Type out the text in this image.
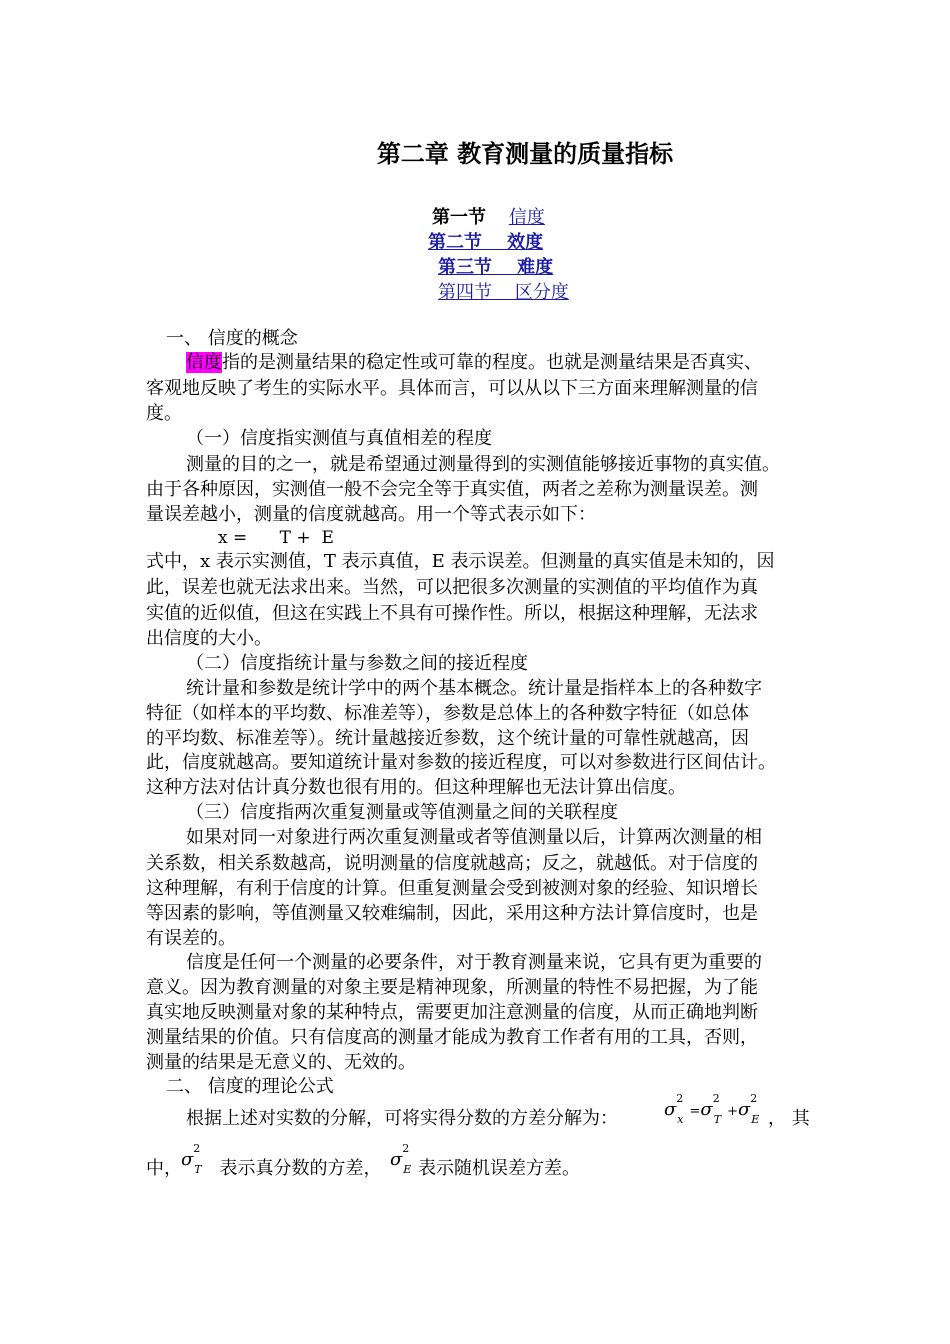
第二章 教育测量的质量指标
第一节 信度
第二节 效度
第三节 难度
第四节 区分度
一、 信度的概念
信度指的是测量结果的稳定性或可靠的程度。也就是测量结果是否真实、
客观地反映了考生的实际水平。具体而言，可以从以下三方面来理解测量的信
度。
（一）信度指实测值与真值相差的程度
测量的目的之一，就是希望通过测量得到的实测值能够接近事物的真实值。
由于各种原因，实测值一般不会完全等于真实值，两者之差称为测量误差。测
量误差越小，测量的信度就越高。用一个等式表示如下：
x =      T +  E
式中，x 表示实测值，T 表示真值，E 表示误差。但测量的真实值是未知的，因
此，误差也就无法求出来。当然，可以把很多次测量的实测值的平均值作为真
实值的近似值，但这在实践上不具有可操作性。所以，根据这种理解，无法求
出信度的大小。
（二）信度指统计量与参数之间的接近程度
统计量和参数是统计学中的两个基本概念。统计量是指样本上的各种数字
特征（如样本的平均数、标准差等），参数是总体上的各种数字特征（如总体
的平均数、标准差等）。统计量越接近参数，这个统计量的可靠性就越高，因
此，信度就越高。要知道统计量对参数的接近程度，可以对参数进行区间估计。
这种方法对估计真分数也很有用的。但这种理解也无法计算出信度。
（三）信度指两次重复测量或等值测量之间的关联程度
如果对同一对象进行两次重复测量或者等值测量以后，计算两次测量的相
关系数，相关系数越高，说明测量的信度就越高；反之，就越低。对于信度的
这种理解，有利于信度的计算。但重复测量会受到被测对象的经验、知识增长
等因素的影响，等值测量又较难编制，因此，采用这种方法计算信度时，也是
有误差的。
信度是任何一个测量的必要条件，对于教育测量来说，它具有更为重要的
意义。因为教育测量的对象主要是精神现象，所测量的特性不易把握，为了能
真实地反映测量对象的某种特点，需要更加注意测量的信度，从而正确地判断
测量结果的价值。只有信度高的测量才能成为教育工作者有用的工具，否则，
测量的结果是无意义的、无效的。
二、 信度的理论公式
根据上述对实数的分解，可将实得分数的方差分解为：	$\sigma^2_x=\sigma^2_T+\sigma^2_E$ ， 其
中， $\sigma^2_T$ 表示真分数的方差， $\sigma^2_E$ 表示随机误差方差。
